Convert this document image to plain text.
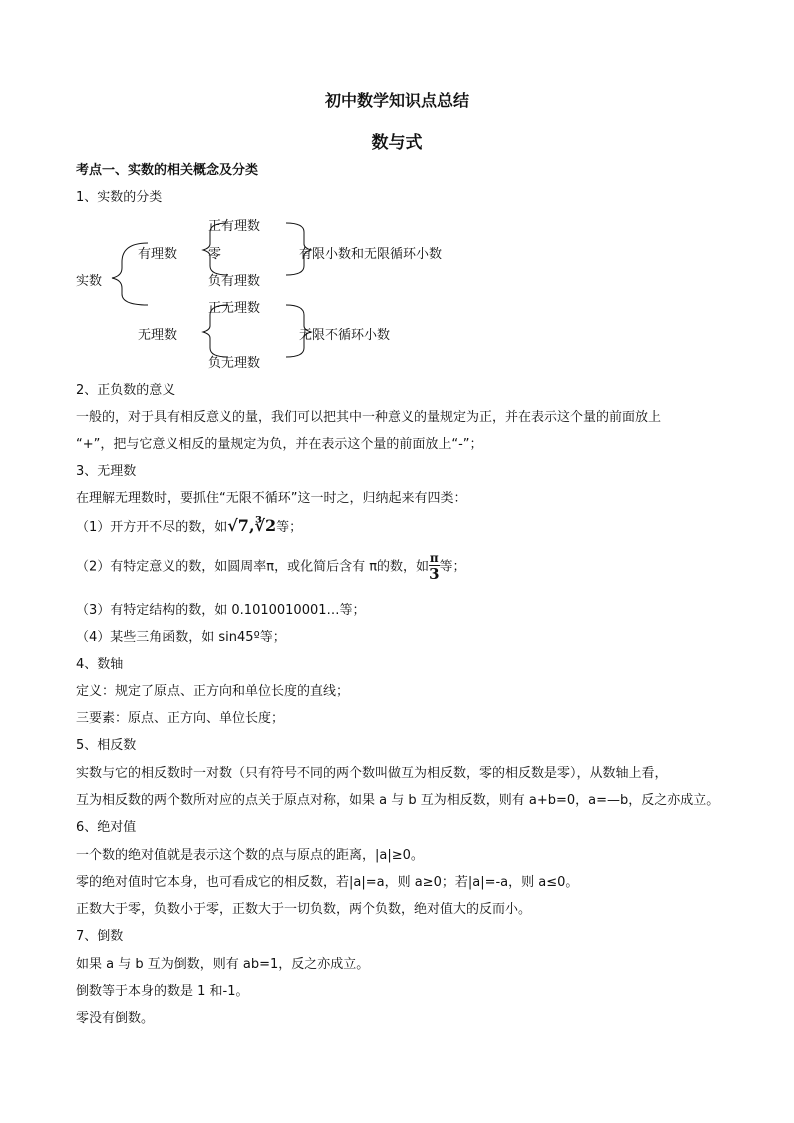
初中数学知识点总结
数与式
考点一、实数的相关概念及分类
1、实数的分类
实数
有理数
正有理数
零
负有理数
有限小数和无限循环小数
无理数
正无理数
负无理数
无限不循环小数
2、正负数的意义
一般的，对于具有相反意义的量，我们可以把其中一种意义的量规定为正，并在表示这个量的前面放上
“+”，把与它意义相反的量规定为负，并在表示这个量的前面放上“-”；
3、无理数
在理解无理数时，要抓住“无限不循环”这一时之，归纳起来有四类：
（1）开方开不尽的数，如√7,∛2等；
（2）有特定意义的数，如圆周率π，或化简后含有 π的数，如 $\frac{\pi}{3}$ 等；
（3）有特定结构的数，如 0.1010010001…等；
（4）某些三角函数，如 sin45º等；
4、数轴
定义：规定了原点、正方向和单位长度的直线；
三要素：原点、正方向、单位长度；
5、相反数
实数与它的相反数时一对数（只有符号不同的两个数叫做互为相反数，零的相反数是零），从数轴上看，
互为相反数的两个数所对应的点关于原点对称，如果 a 与 b 互为相反数，则有 a+b=0，a=—b，反之亦成立。
6、绝对值
一个数的绝对值就是表示这个数的点与原点的距离，|a|≥0。
零的绝对值时它本身，也可看成它的相反数，若|a|=a，则 a≥0；若|a|=-a，则 a≤0。
正数大于零，负数小于零，正数大于一切负数，两个负数，绝对值大的反而小。
7、倒数
如果 a 与 b 互为倒数，则有 ab=1，反之亦成立。
倒数等于本身的数是 1 和-1。
零没有倒数。
